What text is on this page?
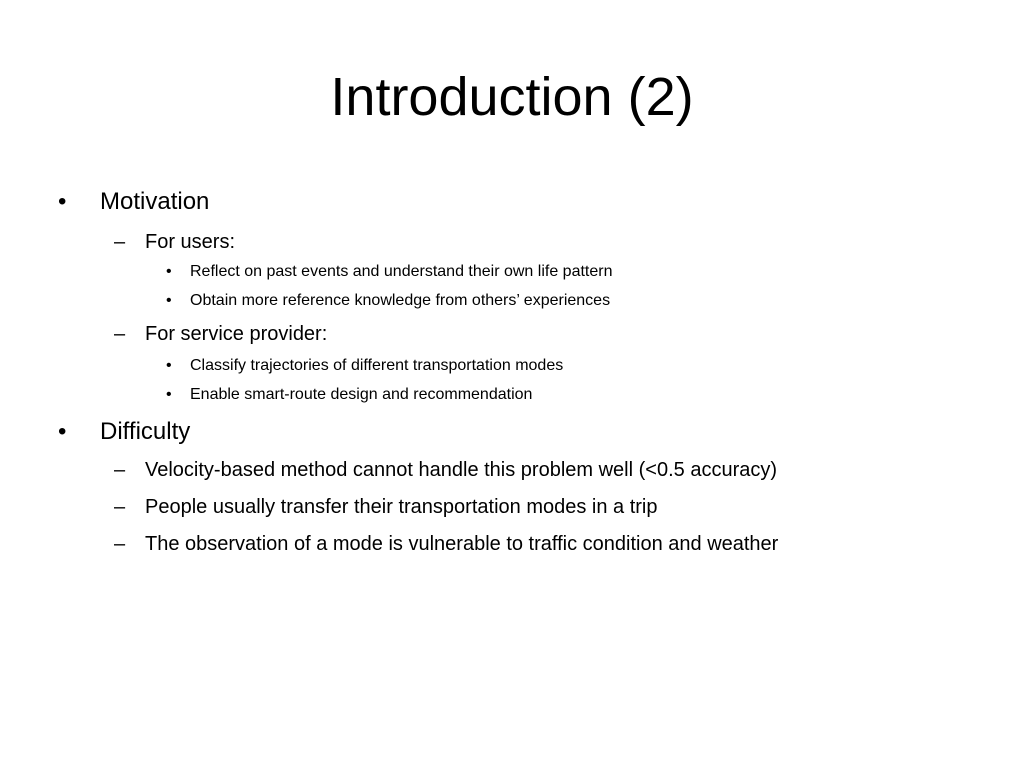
Introduction (2)
• Motivation
– For users:
• Reflect on past events and understand their own life pattern
• Obtain more reference knowledge from others’ experiences
– For service provider:
• Classify trajectories of different transportation modes
• Enable smart-route design and recommendation
• Difficulty
– Velocity-based method cannot handle this problem well (<0.5 accuracy)
– People usually transfer their transportation modes in a trip
– The observation of a mode is vulnerable to traffic condition and weather
